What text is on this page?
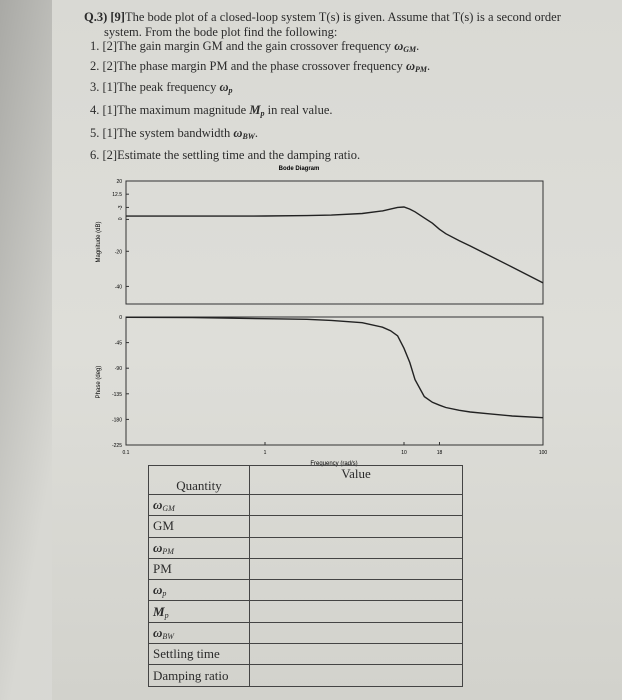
Q.3) [9]The bode plot of a closed-loop system T(s) is given. Assume that T(s) is a second order
system. From the bode plot find the following:
1. [2]The gain margin GM and the gain crossover frequency $\omega_{GM}$.
2. [2]The phase margin PM and the phase crossover frequency $\omega_{PM}$.
3. [1]The peak frequency $\omega_p$
4. [1]The maximum magnitude $M_p$ in real value.
5. [1]The system bandwidth $\omega_{BW}$.
6. [2]Estimate the settling time and the damping ratio.
Bode Diagram
20
12.5
-3
0
-20
-40
0
-45
-90
-135
-180
-225
0.1	1	10	18	100
Magnitude (dB)
Phase (deg)
Frequency (rad/s)
Quantity	Value
$\omega_{GM}$	
GM	
$\omega_{PM}$	
PM	
$\omega_p$	
$M_p$	
$\omega_{BW}$	
Settling time	
Damping ratio	
